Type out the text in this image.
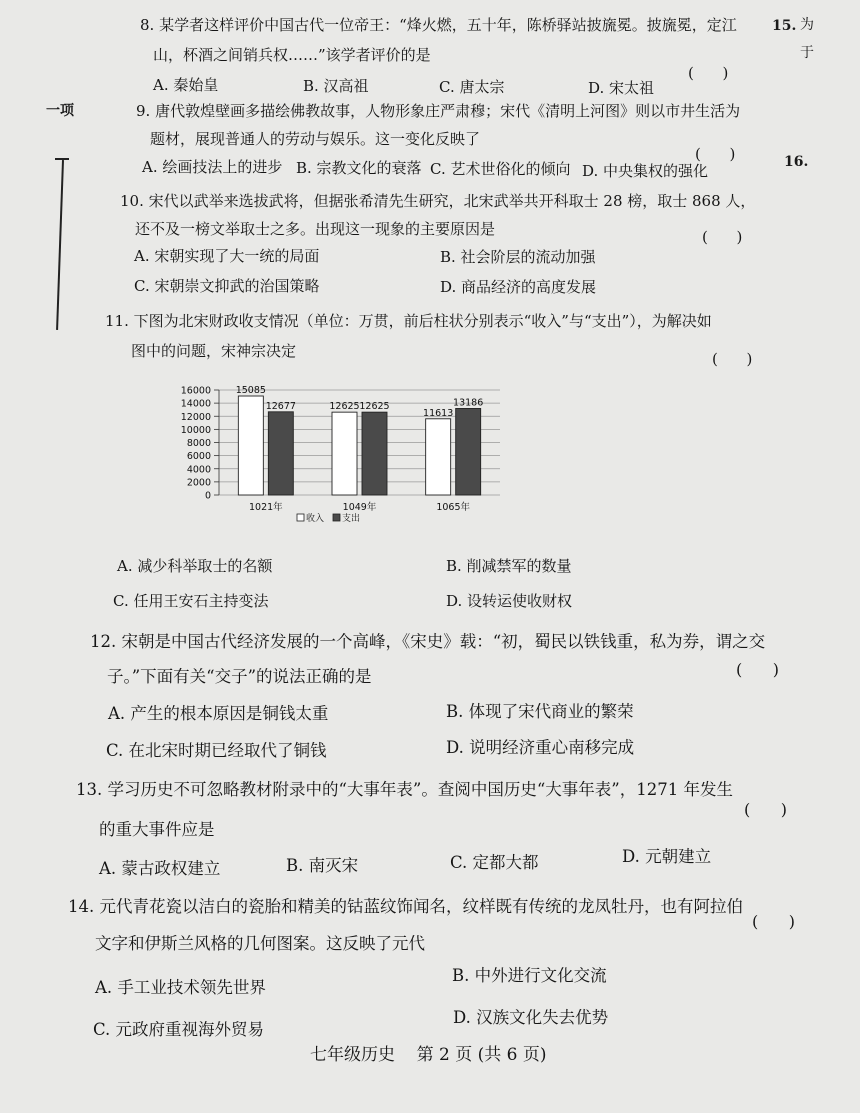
一项
15. 为
于
16.
8. 某学者这样评价中国古代一位帝王：“烽火燃，五十年，陈桥驿站披旒冕。披旒冕，定江
山，杯酒之间销兵权……”该学者评价的是
(      )
A. 秦始皇	B. 汉高祖	C. 唐太宗	D. 宋太祖
9. 唐代敦煌壁画多描绘佛教故事，人物形象庄严肃穆；宋代《清明上河图》则以市井生活为
题材，展现普通人的劳动与娱乐。这一变化反映了
(      )
A. 绘画技法上的进步 B. 宗教文化的衰落 C. 艺术世俗化的倾向 D. 中央集权的强化
10. 宋代以武举来选拔武将，但据张希清先生研究，北宋武举共开科取士 28 榜，取士 868 人，
还不及一榜文举取士之多。出现这一现象的主要原因是	(      )
A. 宋朝实现了大一统的局面	B. 社会阶层的流动加强
C. 宋朝崇文抑武的治国策略	D. 商品经济的高度发展
11. 下图为北宋财政收支情况（单位：万贯，前后柱状分别表示“收入”与“支出”），为解决如
图中的问题，宋神宗决定	(      )
0
2000
4000
6000
8000
10000
12000
14000
16000	15085
12677	12625 12625
11613
13186
1021年	1049年	1065年
收入 支出
A. 减少科举取士的名额	B. 削减禁军的数量
C. 任用王安石主持变法	D. 设转运使收财权
12. 宋朝是中国古代经济发展的一个高峰，《宋史》载：“初，蜀民以铁钱重，私为券，谓之交
子。”下面有关“交子”的说法正确的是	(      )
A. 产生的根本原因是铜钱太重	B. 体现了宋代商业的繁荣
C. 在北宋时期已经取代了铜钱	D. 说明经济重心南移完成
13. 学习历史不可忽略教材附录中的“大事年表”。查阅中国历史“大事年表”，1271 年发生
(      )
的重大事件应是
A. 蒙古政权建立	B. 南灭宋	C. 定都大都	D. 元朝建立
14. 元代青花瓷以洁白的瓷胎和精美的钴蓝纹饰闻名，纹样既有传统的龙凤牡丹，也有阿拉伯
(      )
文字和伊斯兰风格的几何图案。这反映了元代
A. 手工业技术领先世界
B. 中外进行文化交流
C. 元政府重视海外贸易
D. 汉族文化失去优势
七年级历史    第 2 页 (共 6 页)
